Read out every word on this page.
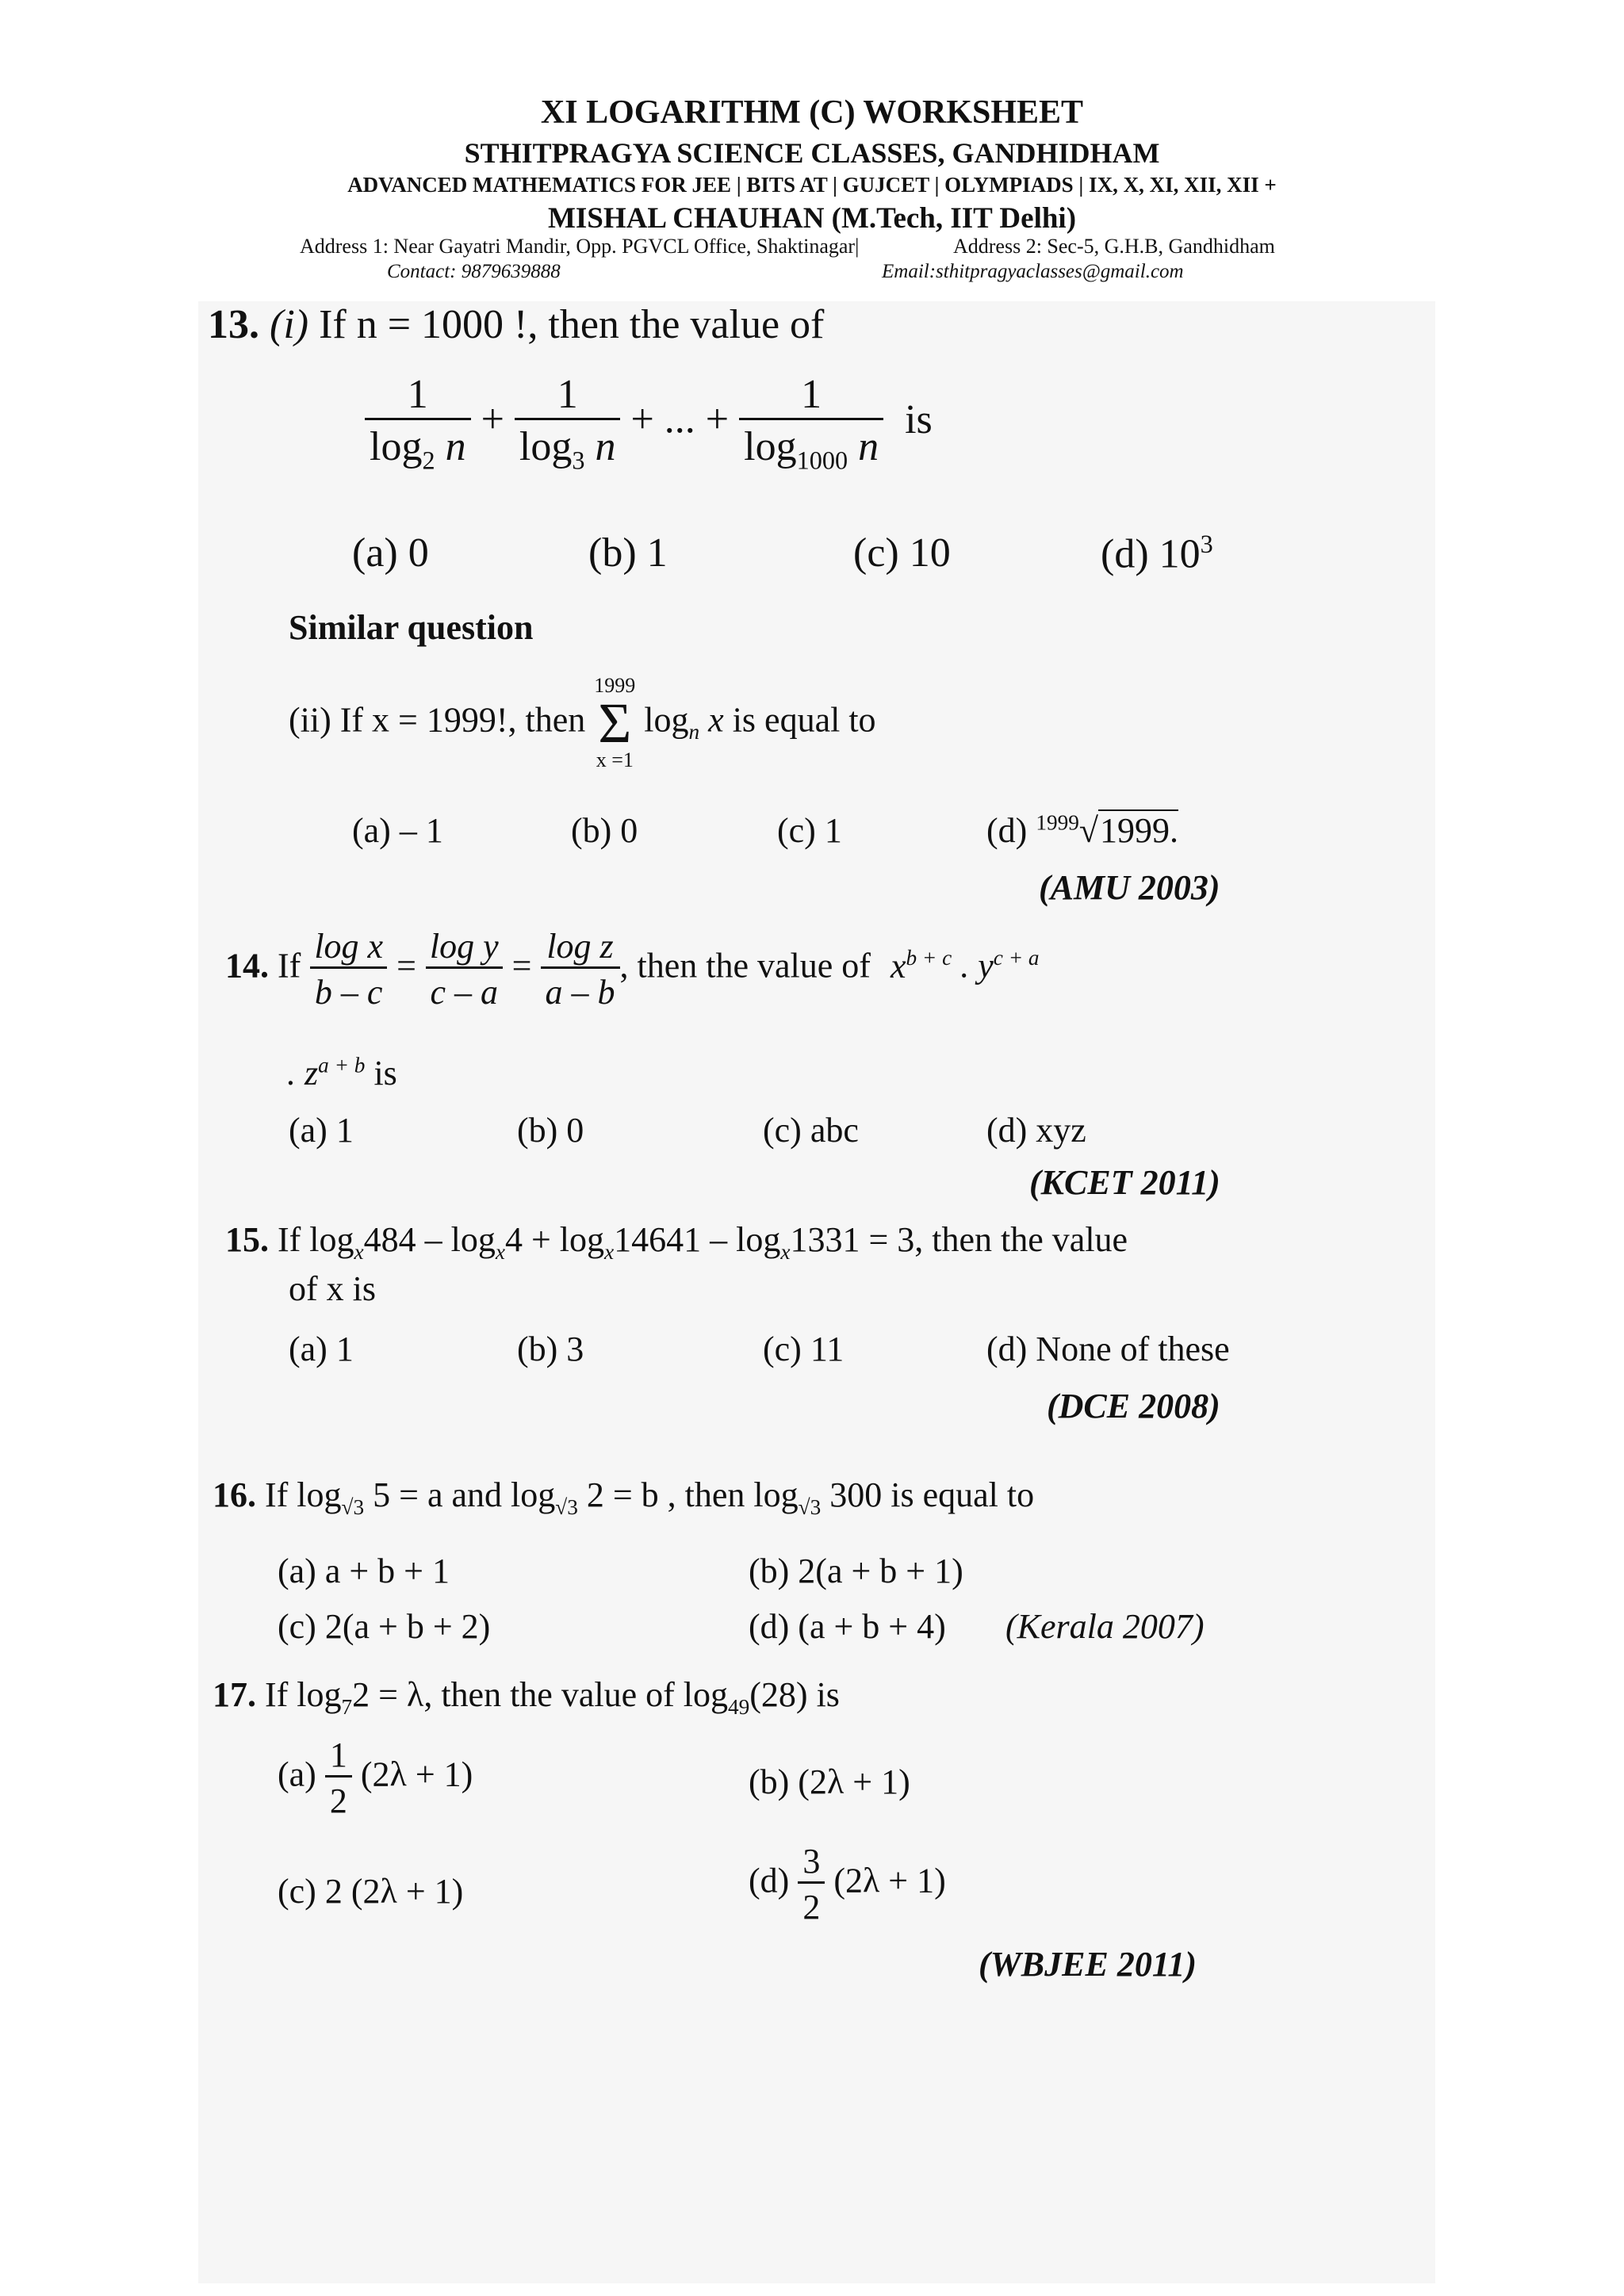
XI LOGARITHM (C) WORKSHEET
STHITPRAGYA SCIENCE CLASSES, GANDHIDHAM
ADVANCED MATHEMATICS FOR JEE | BITS AT | GUJCET | OLYMPIADS | IX, X, XI, XII, XII +
MISHAL CHAUHAN (M.Tech, IIT Delhi)
Address 1: Near Gayatri Mandir, Opp. PGVCL Office, Shaktinagar|	Address 2: Sec-5, G.H.B, Gandhidham
Contact: 9879639888	Email:sthitpragyaclasses@gmail.com
13. (i) If n = 1000 !, then the value of
$\frac{1}{\log_2 n} + \frac{1}{\log_3 n}$ + ... + $\frac{1}{\log_{1000} n}$ is
(a) 0	(b) 1	(c) 10	(d) $10^3$
Similar question
(ii) If x = 1999!, then
1999
Σ
x =1
$\log_n x$ is equal to
(a) – 1	(b) 0	(c) 1	(d) $^{1999}$√1999.
(AMU 2003)
14. If $\frac{\text{log x}}{b - c} = \frac{\text{log y}}{c - a} = \frac{\text{log z}}{a - b}$ , then the value of $x^{b + c}$ . $y^{c + a}$
. $z^{a + b}$ is
(a) 1	(b) 0	(c) abc	(d) xyz
(KCET 2011)
15. If $\log_x484 - \log_x4 + \log_x14641 - \log_x1331 = 3$, then the value
of x is
(a) 1	(b) 3	(c) 11	(d) None of these
(DCE 2008)
16. If $\log_{√3} 5 = a$ and $\log_{√3} 2 = b$ , then $\log_{√3} 300$ is equal to
(a) a + b + 1	(b) 2(a + b + 1)
(c) 2(a + b + 2)	(d) (a + b + 4) (Kerala 2007)
17. If $\log_72 = \lambda$, then the value of $\log_{49}(28)$ is
$(a) \frac{1}{2} (2\lambda + 1)$	(b) (2λ + 1)
(c) 2 (2λ + 1)	$(d) \frac{3}{2} (2\lambda + 1)$
(WBJEE 2011)
